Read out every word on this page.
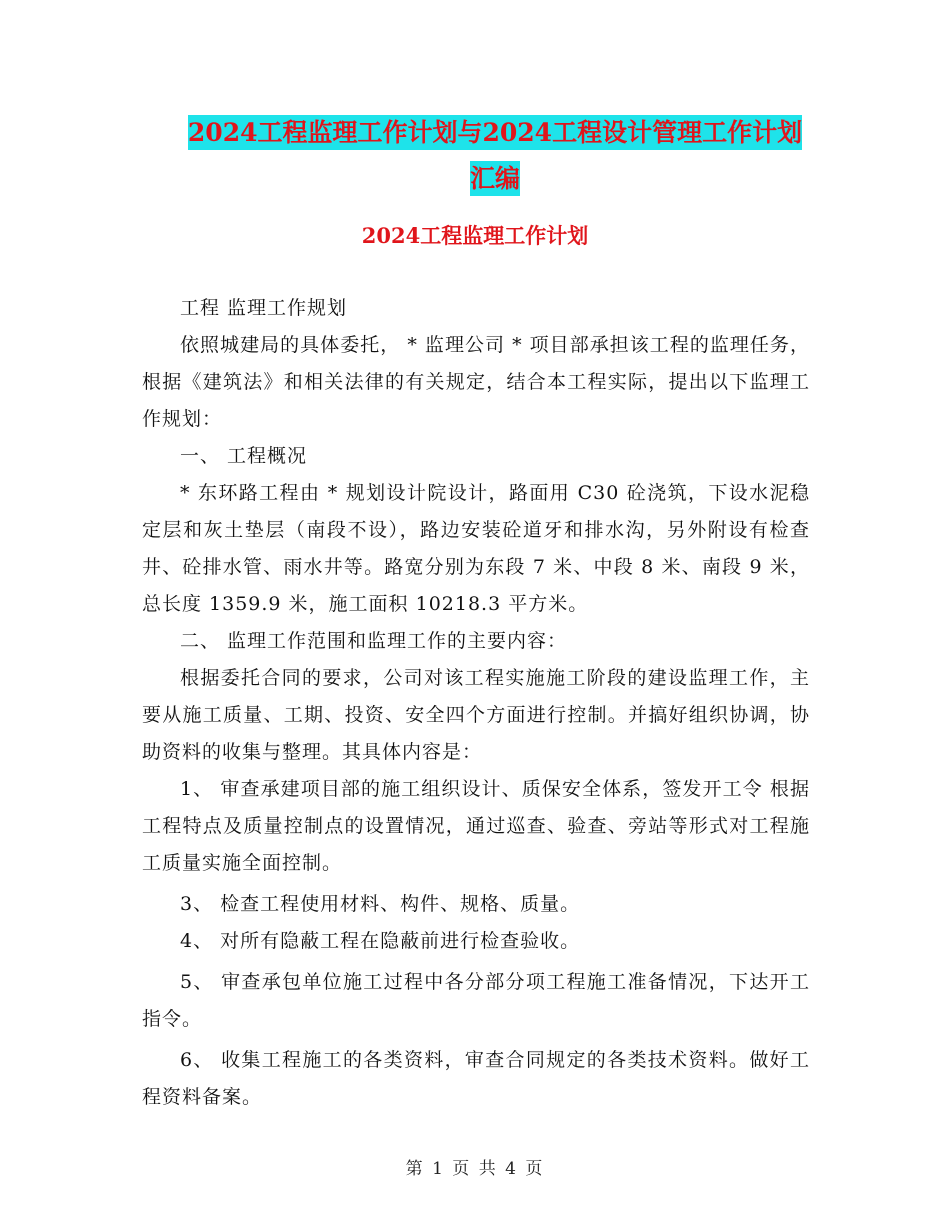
2024工程监理工作计划与2024工程设计管理工作计划
汇编
2024工程监理工作计划

工程 监理工作规划

依照城建局的具体委托， * 监理公司 * 项目部承担该工程的监理任务，根据《建筑法》和相关法律的有关规定，结合本工程实际，提出以下监理工作规划：

一、 工程概况

* 东环路工程由 * 规划设计院设计，路面用 C30 砼浇筑，下设水泥稳定层和灰土垫层（南段不设），路边安装砼道牙和排水沟，另外附设有检查井、砼排水管、雨水井等。路宽分别为东段 7 米、中段 8 米、南段 9 米，总长度 1359.9 米，施工面积 10218.3 平方米。

二、 监理工作范围和监理工作的主要内容：

根据委托合同的要求，公司对该工程实施施工阶段的建设监理工作，主要从施工质量、工期、投资、安全四个方面进行控制。并搞好组织协调，协助资料的收集与整理。其具体内容是：

1、 审查承建项目部的施工组织设计、质保安全体系，签发开工令 根据工程特点及质量控制点的设置情况，通过巡查、验查、旁站等形式对工程施工质量实施全面控制。

3、 检查工程使用材料、构件、规格、质量。

4、 对所有隐蔽工程在隐蔽前进行检查验收。

5、 审查承包单位施工过程中各分部分项工程施工准备情况，下达开工指令。

6、 收集工程施工的各类资料，审查合同规定的各类技术资料。做好工程资料备案。

第 1 页 共 4 页
